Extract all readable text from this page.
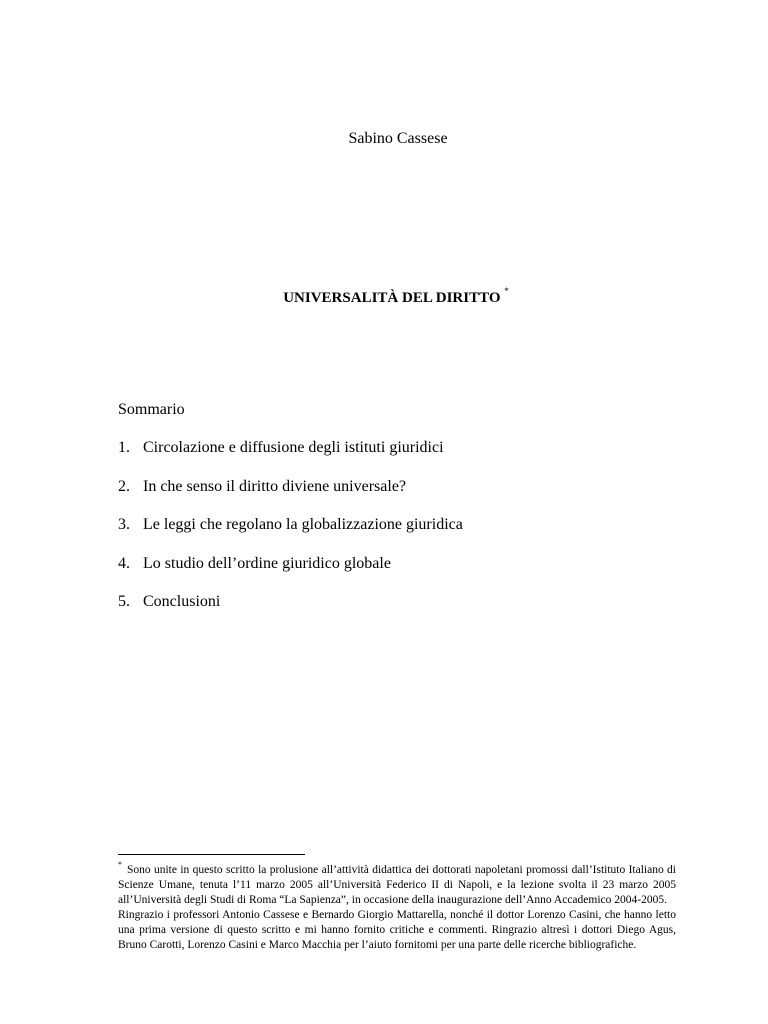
Sabino Cassese
UNIVERSALITÀ DEL DIRITTO *
Sommario
1. Circolazione e diffusione degli istituti giuridici
2. In che senso il diritto diviene universale?
3. Le leggi che regolano la globalizzazione giuridica
4. Lo studio dell’ordine giuridico globale
5. Conclusioni

* Sono unite in questo scritto la prolusione all’attività didattica dei dottorati napoletani promossi dall’Istituto Italiano di Scienze Umane, tenuta l’11 marzo 2005 all’Università Federico II di Napoli, e la lezione svolta il 23 marzo 2005 all’Università degli Studi di Roma “La Sapienza”, in occasione della inaugurazione dell’Anno Accademico 2004-2005.

Ringrazio i professori Antonio Cassese e Bernardo Giorgio Mattarella, nonché il dottor Lorenzo Casini, che hanno letto una prima versione di questo scritto e mi hanno fornito critiche e commenti. Ringrazio altresì i dottori Diego Agus, Bruno Carotti, Lorenzo Casini e Marco Macchia per l’aiuto fornitomi per una parte delle ricerche bibliografiche.
